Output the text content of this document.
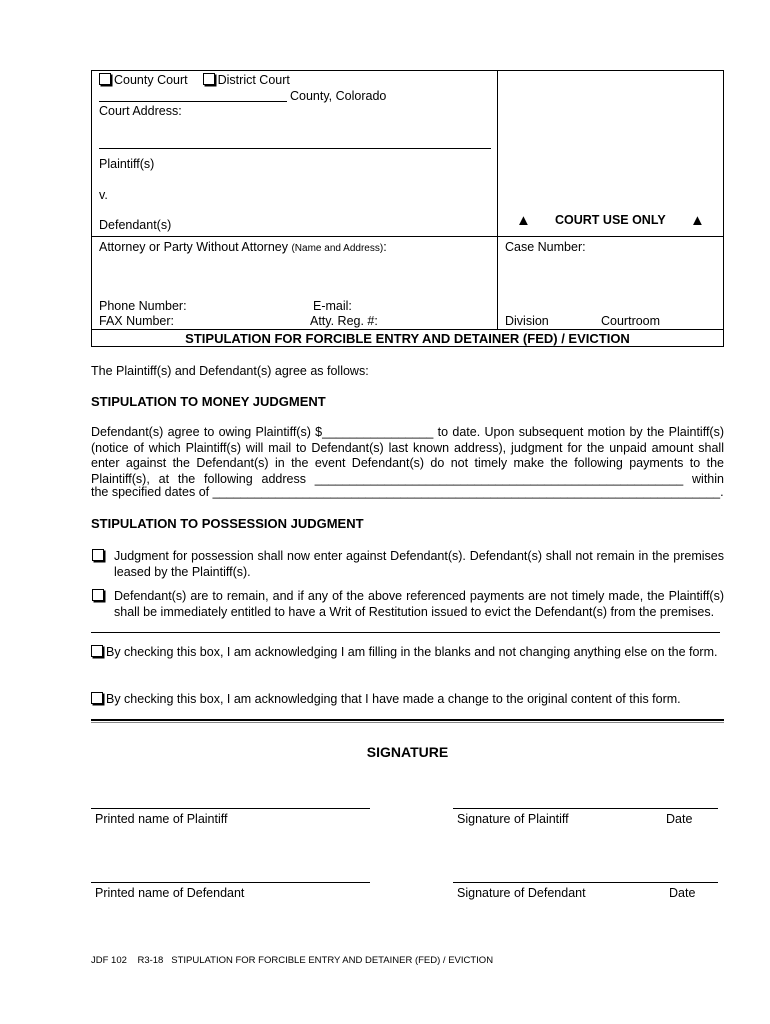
County Court District Court
County, Colorado
Court Address:
Plaintiff(s)
v.
Defendant(s)	▲ COURT USE ONLY ▲
Attorney or Party Without Attorney (Name and Address):	Case Number:
Phone Number:	E-mail:
FAX Number:	Atty. Reg. #:	Division	Courtroom
STIPULATION FOR FORCIBLE ENTRY AND DETAINER (FED) / EVICTION
The Plaintiff(s) and Defendant(s) agree as follows:
STIPULATION TO MONEY JUDGMENT
Defendant(s) agree to owing Plaintiff(s) $________________ to date. Upon subsequent motion by the Plaintiff(s) (notice of which Plaintiff(s) will mail to Defendant(s) last known address), judgment for the unpaid amount shall enter against the Defendant(s) in the event Defendant(s) do not timely make the following payments to the Plaintiff(s), at the following address _____________________________________________________ within
the specified dates of _________________________________________________________________________.
STIPULATION TO POSSESSION JUDGMENT
Judgment for possession shall now enter against Defendant(s). Defendant(s) shall not remain in the premises leased by the Plaintiff(s).
Defendant(s) are to remain, and if any of the above referenced payments are not timely made, the Plaintiff(s) shall be immediately entitled to have a Writ of Restitution issued to evict the Defendant(s) from the premises.
By checking this box, I am acknowledging I am filling in the blanks and not changing anything else on the form.
By checking this box, I am acknowledging that I have made a change to the original content of this form.
SIGNATURE
Printed name of Plaintiff	Signature of Plaintiff	Date
Printed name of Defendant	Signature of Defendant	Date
JDF 102    R3-18   STIPULATION FOR FORCIBLE ENTRY AND DETAINER (FED) / EVICTION
